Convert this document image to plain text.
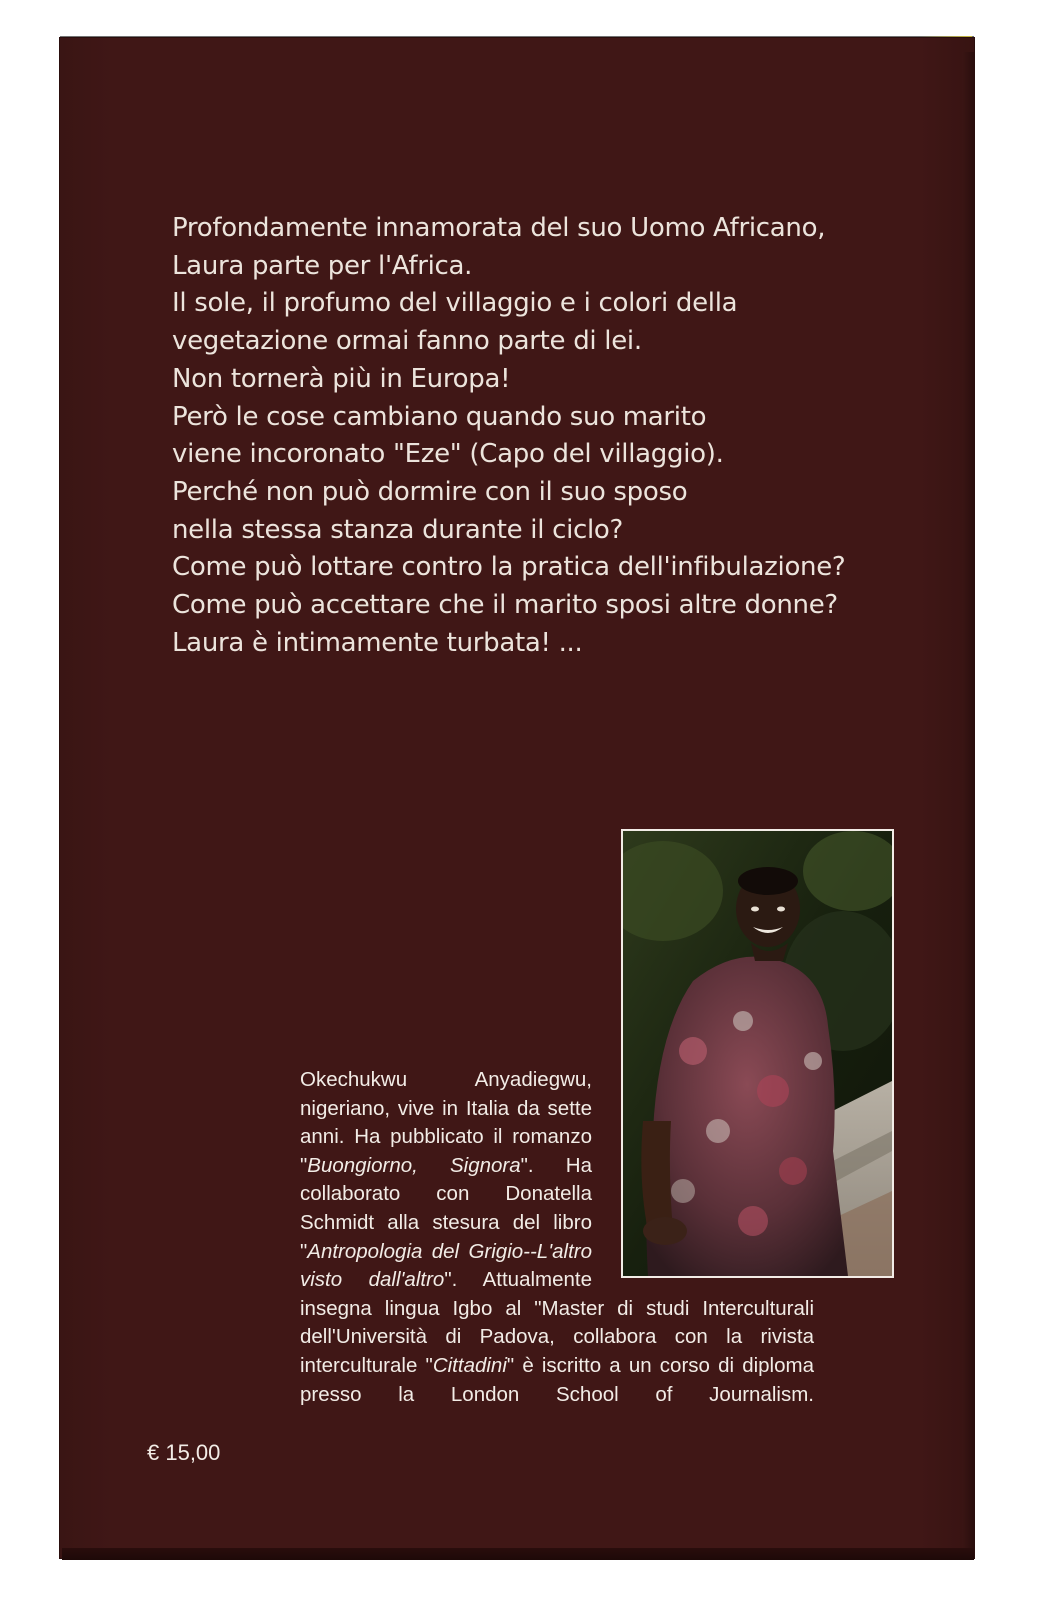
Profondamente innamorata del suo Uomo Africano,
Laura parte per l'Africa.
Il sole, il profumo del villaggio e i colori della
vegetazione ormai fanno parte di lei.
Non tornerà più in Europa!
Però le cose cambiano quando suo marito
viene incoronato "Eze" (Capo del villaggio).
Perché non può dormire con il suo sposo
nella stessa stanza durante il ciclo?
Come può lottare contro la pratica dell'infibulazione?
Come può accettare che il marito sposi altre donne?
Laura è intimamente turbata! ...
Okechukwu Anyadiegwu,
nigeriano, vive in Italia da sette
anni. Ha pubblicato il romanzo
"Buongiorno, Signora". Ha
collaborato con Donatella
Schmidt alla stesura del libro
"Antropologia del Grigio--L'altro
visto dall'altro". Attualmente
insegna lingua Igbo al "Master di studi Interculturali
dell'Università di Padova, collabora con la rivista
interculturale "Cittadini" è iscritto a un corso di diploma
presso la London School of Journalism.
€ 15,00
